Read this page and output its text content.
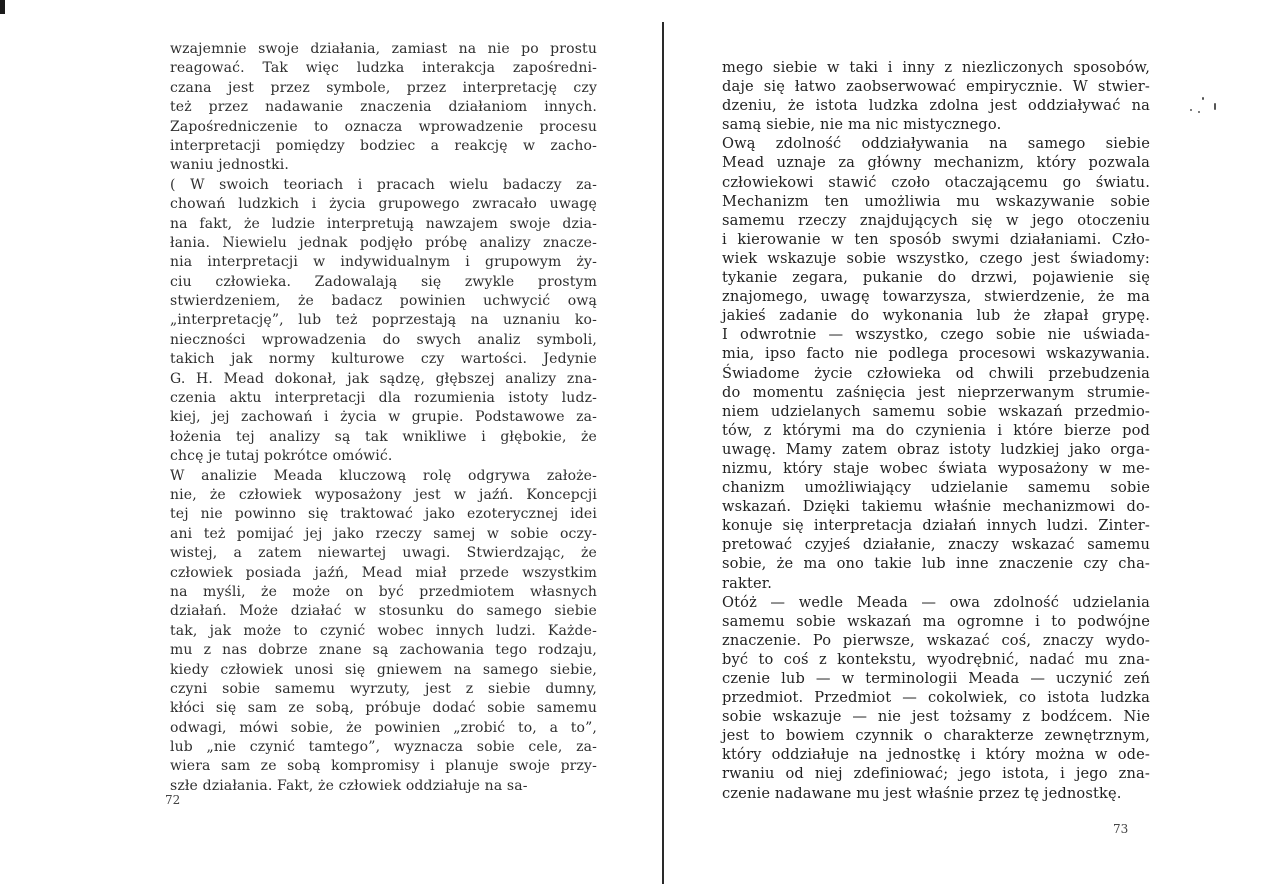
wzajemnie swoje działania, zamiast na nie po prostu
reagować. Tak więc ludzka interakcja zapośredni-
czana jest przez symbole, przez interpretację czy
też przez nadawanie znaczenia działaniom innych.
Zapośredniczenie to oznacza wprowadzenie procesu
interpretacji pomiędzy bodziec a reakcję w zacho-
waniu jednostki.
( W swoich teoriach i pracach wielu badaczy za-
chowań ludzkich i życia grupowego zwracało uwagę
na fakt, że ludzie interpretują nawzajem swoje dzia-
łania. Niewielu jednak podjęło próbę analizy znacze-
nia interpretacji w indywidualnym i grupowym ży-
ciu człowieka. Zadowalają się zwykle prostym
stwierdzeniem, że badacz powinien uchwycić ową
„interpretację”, lub też poprzestają na uznaniu ko-
nieczności wprowadzenia do swych analiz symboli,
takich jak normy kulturowe czy wartości. Jedynie
G. H. Mead dokonał, jak sądzę, głębszej analizy zna-
czenia aktu interpretacji dla rozumienia istoty ludz-
kiej, jej zachowań i życia w grupie. Podstawowe za-
łożenia tej analizy są tak wnikliwe i głębokie, że
chcę je tutaj pokrótce omówić.
W analizie Meada kluczową rolę odgrywa założe-
nie, że człowiek wyposażony jest w jaźń. Koncepcji
tej nie powinno się traktować jako ezoterycznej idei
ani też pomijać jej jako rzeczy samej w sobie oczy-
wistej, a zatem niewartej uwagi. Stwierdzając, że
człowiek posiada jaźń, Mead miał przede wszystkim
na myśli, że może on być przedmiotem własnych
działań. Może działać w stosunku do samego siebie
tak, jak może to czynić wobec innych ludzi. Każde-
mu z nas dobrze znane są zachowania tego rodzaju,
kiedy człowiek unosi się gniewem na samego siebie,
czyni sobie samemu wyrzuty, jest z siebie dumny,
kłóci się sam ze sobą, próbuje dodać sobie samemu
odwagi, mówi sobie, że powinien „zrobić to, a to”,
lub „nie czynić tamtego”, wyznacza sobie cele, za-
wiera sam ze sobą kompromisy i planuje swoje przy-
szłe działania. Fakt, że człowiek oddziałuje na sa-
72
mego siebie w taki i inny z niezliczonych sposobów,
daje się łatwo zaobserwować empirycznie. W stwier-
dzeniu, że istota ludzka zdolna jest oddziaływać na
samą siebie, nie ma nic mistycznego.
Ową zdolność oddziaływania na samego siebie
Mead uznaje za główny mechanizm, który pozwala
człowiekowi stawić czoło otaczającemu go światu.
Mechanizm ten umożliwia mu wskazywanie sobie
samemu rzeczy znajdujących się w jego otoczeniu
i kierowanie w ten sposób swymi działaniami. Czło-
wiek wskazuje sobie wszystko, czego jest świadomy:
tykanie zegara, pukanie do drzwi, pojawienie się
znajomego, uwagę towarzysza, stwierdzenie, że ma
jakieś zadanie do wykonania lub że złapał grypę.
I odwrotnie — wszystko, czego sobie nie uświada-
mia, ipso facto nie podlega procesowi wskazywania.
Świadome życie człowieka od chwili przebudzenia
do momentu zaśnięcia jest nieprzerwanym strumie-
niem udzielanych samemu sobie wskazań przedmio-
tów, z którymi ma do czynienia i które bierze pod
uwagę. Mamy zatem obraz istoty ludzkiej jako orga-
nizmu, który staje wobec świata wyposażony w me-
chanizm umożliwiający udzielanie samemu sobie
wskazań. Dzięki takiemu właśnie mechanizmowi do-
konuje się interpretacja działań innych ludzi. Zinter-
pretować czyjeś działanie, znaczy wskazać samemu
sobie, że ma ono takie lub inne znaczenie czy cha-
rakter.
Otóż — wedle Meada — owa zdolność udzielania
samemu sobie wskazań ma ogromne i to podwójne
znaczenie. Po pierwsze, wskazać coś, znaczy wydo-
być to coś z kontekstu, wyodrębnić, nadać mu zna-
czenie lub — w terminologii Meada — uczynić zeń
przedmiot. Przedmiot — cokolwiek, co istota ludzka
sobie wskazuje — nie jest tożsamy z bodźcem. Nie
jest to bowiem czynnik o charakterze zewnętrznym,
który oddziałuje na jednostkę i który można w ode-
rwaniu od niej zdefiniować; jego istota, i jego zna-
czenie nadawane mu jest właśnie przez tę jednostkę.
73
